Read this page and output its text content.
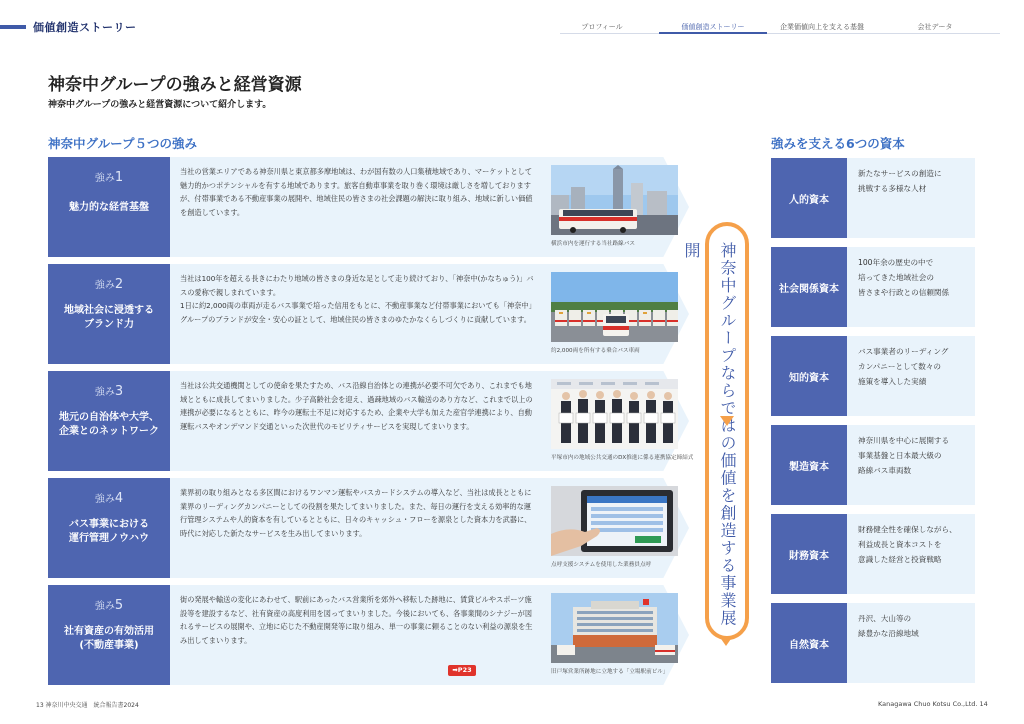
価値創造ストーリー	プロフィール	価値創造ストーリー	企業価値向上を支える基盤	会社データ
神奈中グループの強みと経営資源
神奈中グループの強みと経営資源について紹介します。
神奈中グループ５つの強み	強みを支える6つの資本
強み1
魅力的な経営基盤
当社の営業エリアである神奈川県と東京都多摩地域は、わが国有数の人口集積地域であり、マーケットとして魅力的かつポテンシャルを有する地域であります。旅客自動車事業を取り巻く環境は厳しさを増しておりますが、付帯事業である不動産事業の展開や、地域住民の皆さまの社会課題の解決に取り組み、地域に新しい価値を創造しています。
横浜市内を運行する当社路線バス
強み2
地域社会に浸透する
ブランド力
当社は100年を超える長きにわたり地域の皆さまの身近な足として走り続けており、「神奈中(かなちゅう)」バスの愛称で親しまれています。
1日に約2,000両の車両が走るバス事業で培った信用をもとに、不動産事業など付帯事業においても「神奈中」グループのブランドが安全・安心の証として、地域住民の皆さまのゆたかなくらしづくりに貢献しています。
約2,000両を所有する乗合バス車両
強み3
地元の自治体や大学、
企業とのネットワーク
当社は公共交通機関としての使命を果たすため、バス沿線自治体との連携が必要不可欠であり、これまでも地域とともに成長してまいりました。少子高齢社会を迎え、過疎地域のバス輸送のあり方など、これまで以上の連携が必要になるとともに、昨今の運転士不足に対応するため、企業や大学も加えた産官学連携により、自動運転バスやオンデマンド交通といった次世代のモビリティサービスを実現してまいります。
平塚市内の地域公共交通のDX推進に係る連携協定締結式
強み4
バス事業における
運行管理ノウハウ
業界初の取り組みとなる多区間におけるワンマン運転やバスカードシステムの導入など、当社は成長とともに業界のリーディングカンパニーとしての役割を果たしてまいりました。また、毎日の運行を支える効率的な運行管理システムや人的資本を有しているとともに、日々のキャッシュ・フローを源泉とした資本力を武器に、時代に対応した新たなサービスを生み出してまいります。
点呼支援システムを使用した業務員点呼
強み5
社有資産の有効活用
(不動産事業)
街の発展や輸送の変化にあわせて、駅前にあったバス営業所を郊外へ移転した跡地に、賃貸ビルやスポーツ施設等を建設するなど、社有資産の高度利用を図ってまいりました。今後においても、各事業間のシナジーが図れるサービスの展開や、立地に応じた不動産開発等に取り組み、単一の事業に頼ることのない利益の源泉を生み出してまいります。
➡P23	旧戸塚営業所跡地に立地する「立場駅前ビル」
神奈中グループならではの価値を創造する事業展開
人的資本
新たなサービスの創造に
挑戦する多様な人材
社会関係資本
100年余の歴史の中で
培ってきた地域社会の
皆さまや行政との信頼関係
知的資本
バス事業者のリーディング
カンパニーとして数々の
施策を導入した実績
製造資本
神奈川県を中心に展開する
事業基盤と日本最大級の
路線バス車両数
財務資本
財務健全性を確保しながら、
利益成長と資本コストを
意識した経営と投資戦略
自然資本
丹沢、大山等の
緑豊かな沿線地域
13 神奈川中央交通　統合報告書2024	Kanagawa Chuo Kotsu Co.,Ltd. 14
